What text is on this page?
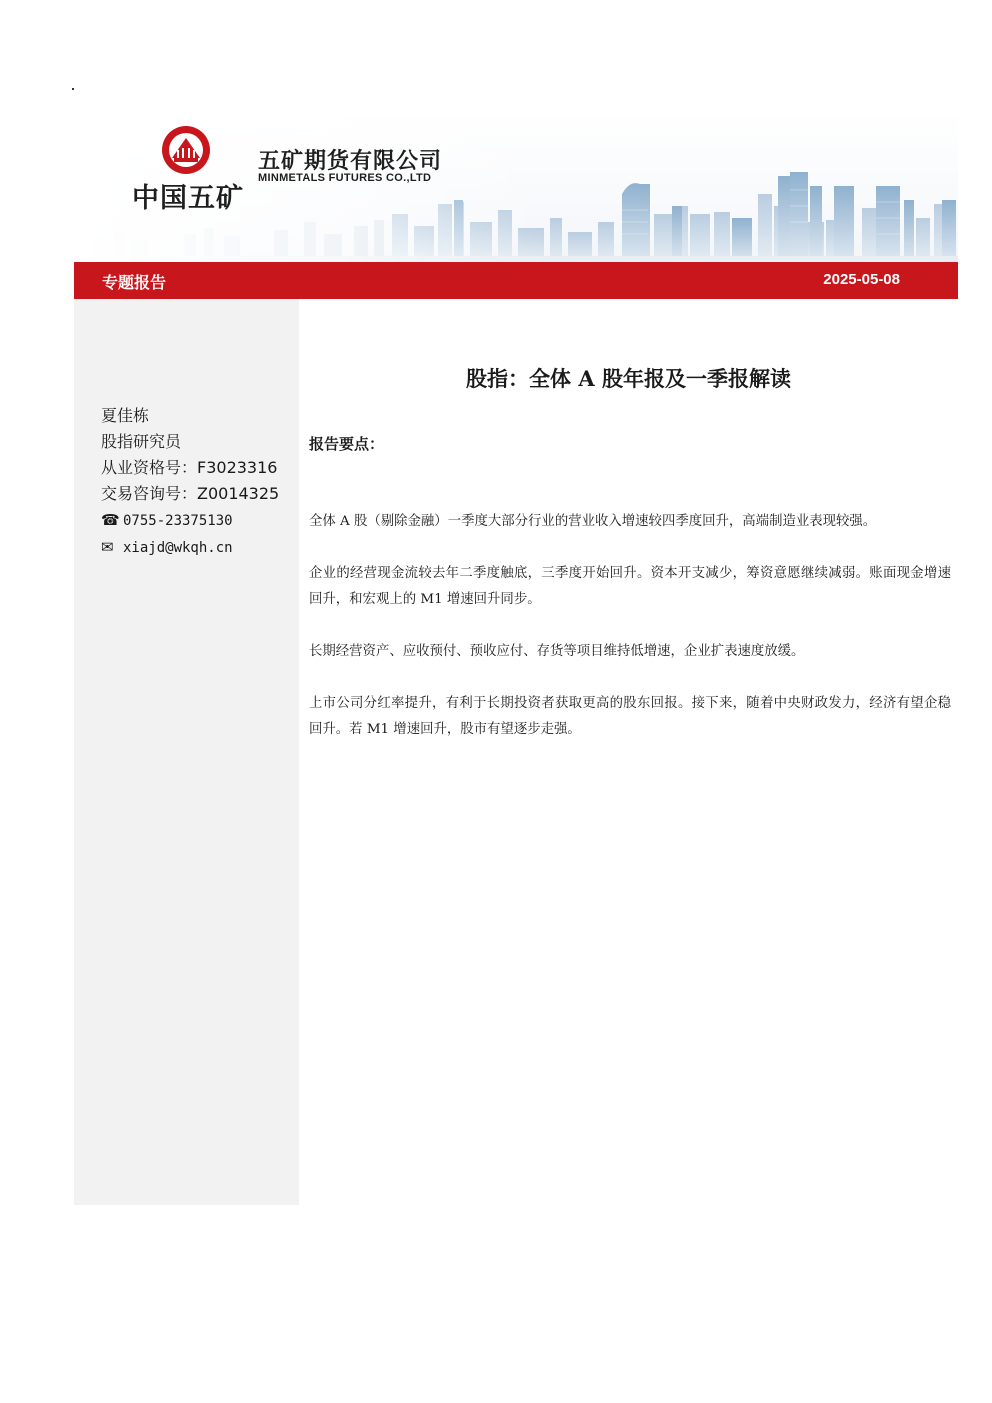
中国五矿
五矿期货有限公司
MINMETALS FUTURES CO.,LTD
专题报告	2025-05-08
夏佳栋
股指研究员
从业资格号：F3023316
交易咨询号：Z0014325
☎ 0755-23375130
✉ xiajd@wkqh.cn
股指：全体 A 股年报及一季报解读
报告要点：

全体 A 股（剔除金融）一季度大部分行业的营业收入增速较四季度回升，高端制造业表现较强。

企业的经营现金流较去年二季度触底，三季度开始回升。资本开支减少，筹资意愿继续减弱。账面现金增速回升，和宏观上的 M1 增速回升同步。

长期经营资产、应收预付、预收应付、存货等项目维持低增速，企业扩表速度放缓。

上市公司分红率提升，有利于长期投资者获取更高的股东回报。接下来，随着中央财政发力，经济有望企稳回升。若 M1 增速回升，股市有望逐步走强。
